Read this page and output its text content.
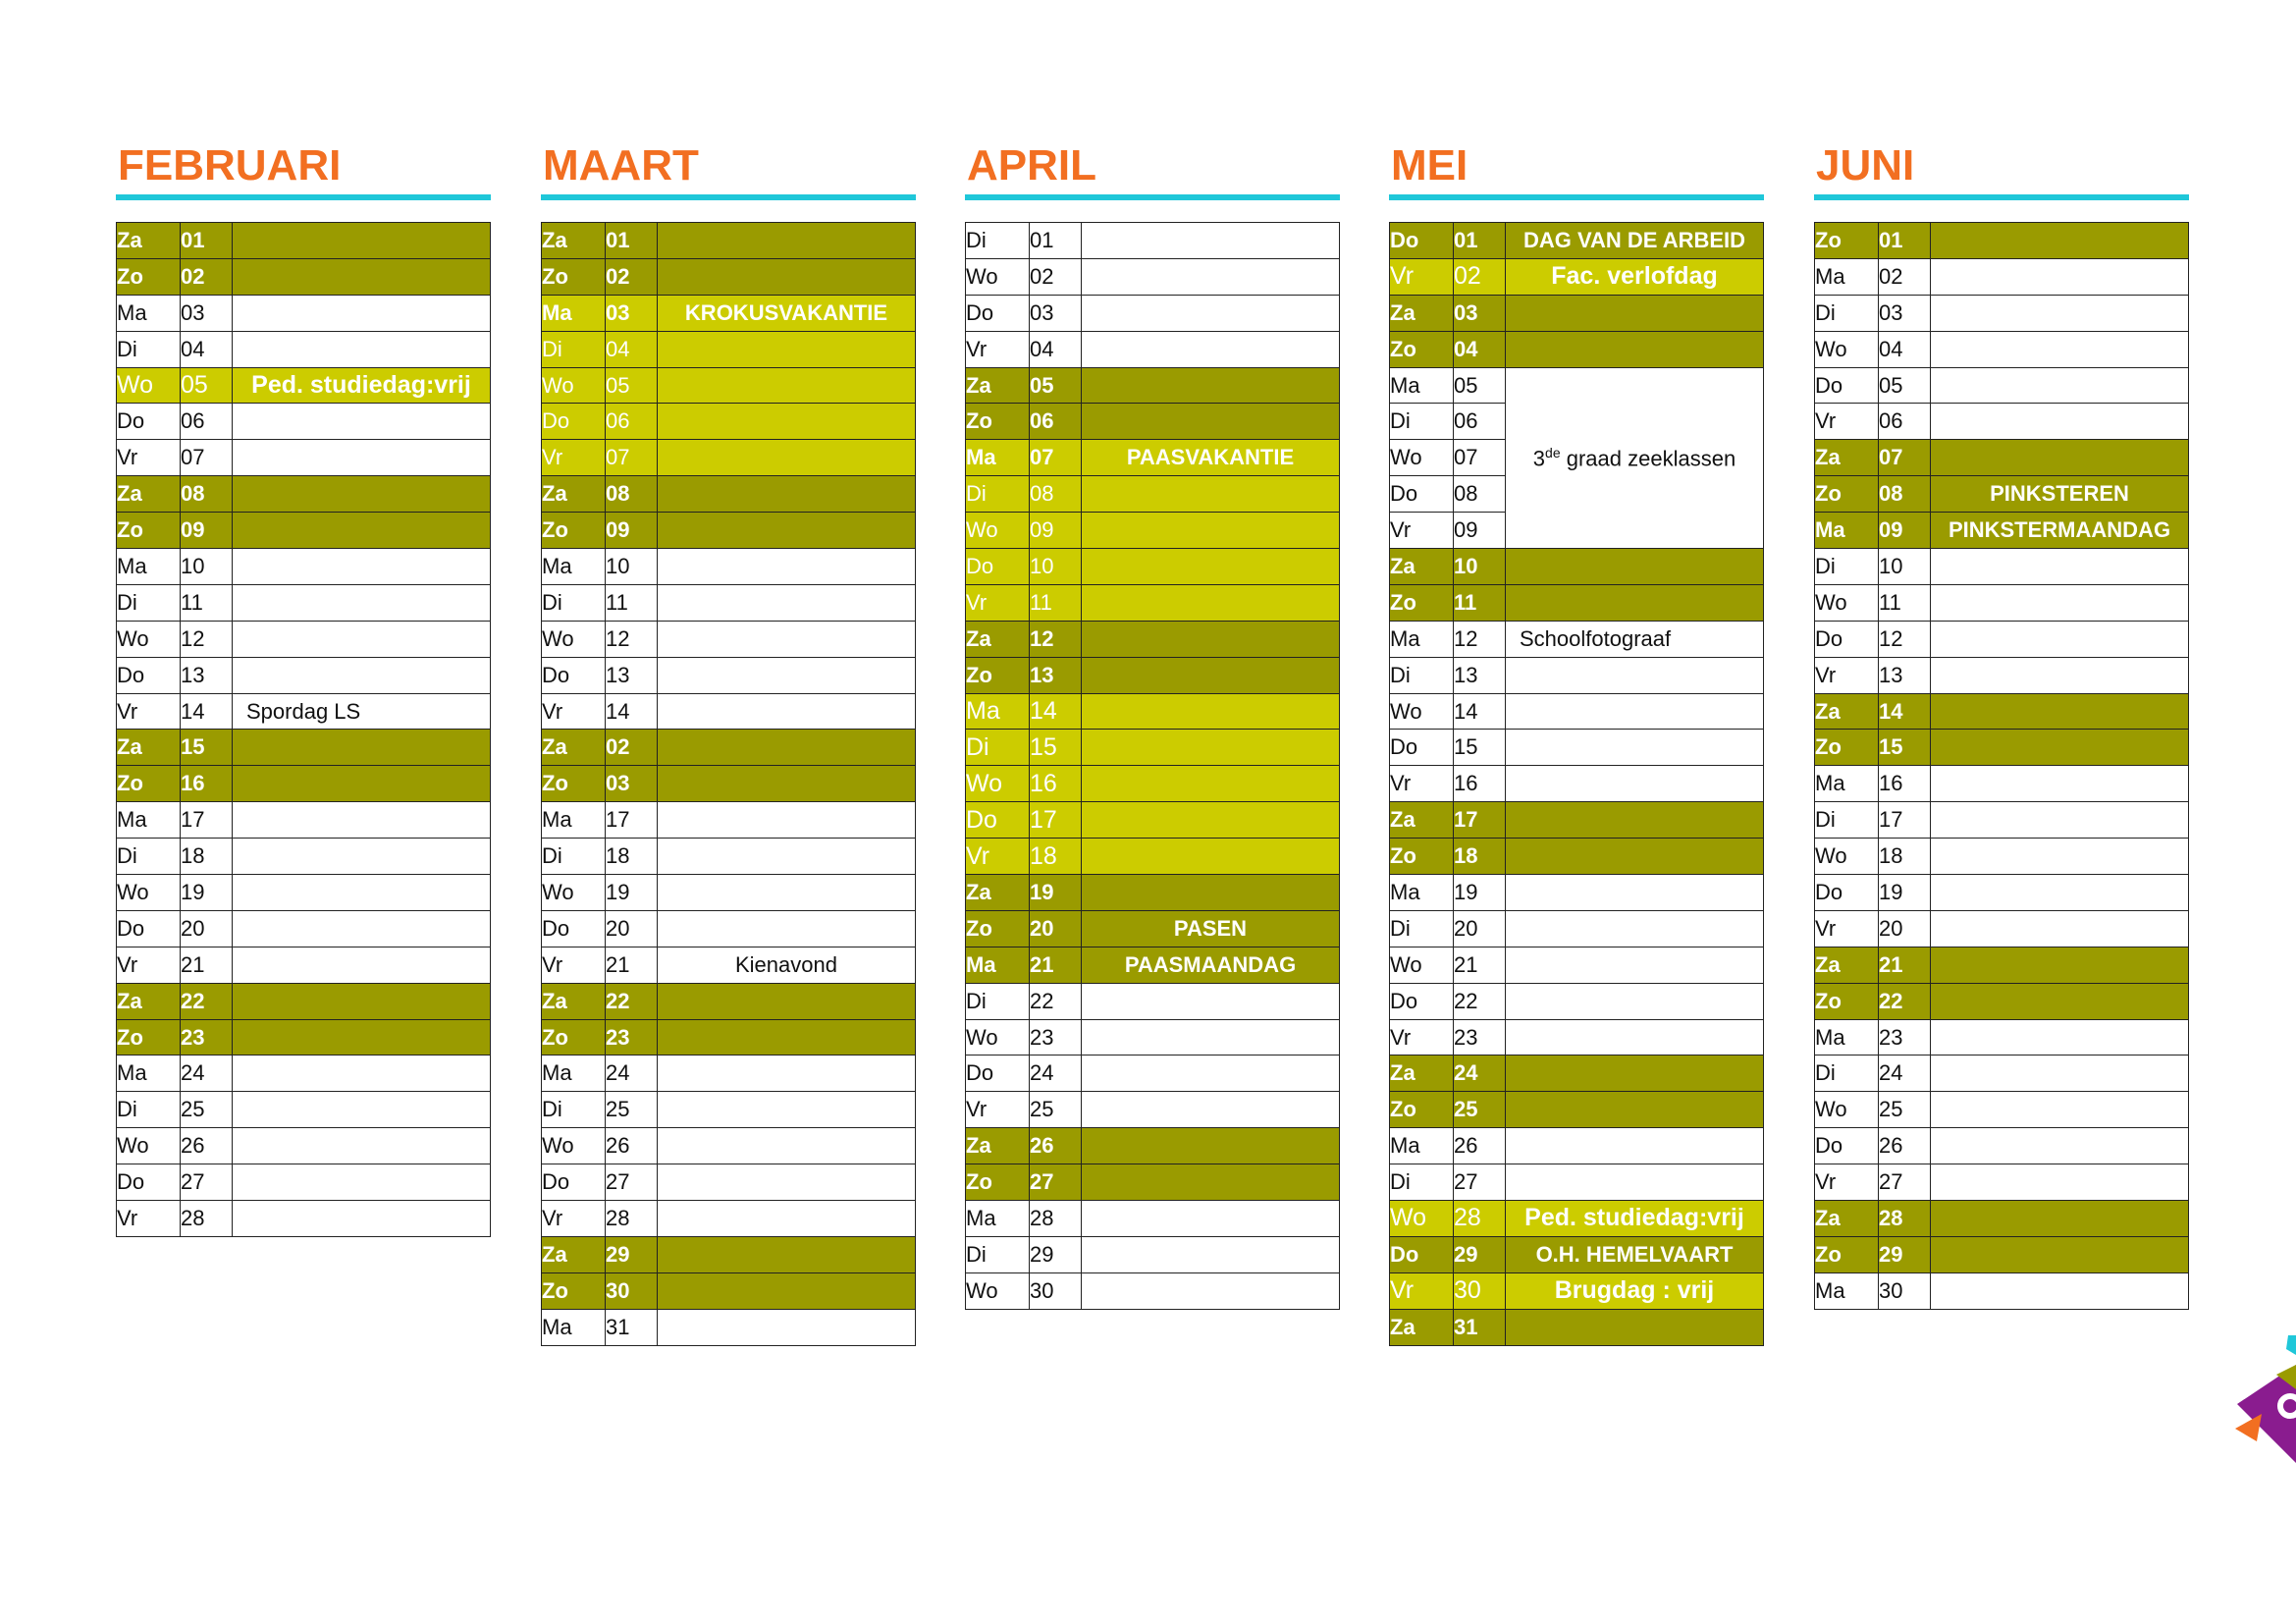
FEBRUARI
Za	01	
Zo	02	
Ma	03	
Di	04	
Wo	05	Ped. studiedag:vrij
Do	06	
Vr	07	
Za	08	
Zo	09	
Ma	10	
Di	11	
Wo	12	
Do	13	
Vr	14	Spordag LS
Za	15	
Zo	16	
Ma	17	
Di	18	
Wo	19	
Do	20	
Vr	21	
Za	22	
Zo	23	
Ma	24	
Di	25	
Wo	26	
Do	27	
Vr	28	
MAART
Za	01	
Zo	02	
Ma	03	KROKUSVAKANTIE
Di	04	
Wo	05	
Do	06	
Vr	07	
Za	08	
Zo	09	
Ma	10	
Di	11	
Wo	12	
Do	13	
Vr	14	
Za	02	
Zo	03	
Ma	17	
Di	18	
Wo	19	
Do	20	
Vr	21	Kienavond
Za	22	
Zo	23	
Ma	24	
Di	25	
Wo	26	
Do	27	
Vr	28	
Za	29	
Zo	30	
Ma	31	
APRIL
Di	01	
Wo	02	
Do	03	
Vr	04	
Za	05	
Zo	06	
Ma	07	PAASVAKANTIE
Di	08	
Wo	09	
Do	10	
Vr	11	
Za	12	
Zo	13	
Ma	14	
Di	15	
Wo	16	
Do	17	
Vr	18	
Za	19	
Zo	20	PASEN
Ma	21	PAASMAANDAG
Di	22	
Wo	23	
Do	24	
Vr	25	
Za	26	
Zo	27	
Ma	28	
Di	29	
Wo	30	
MEI
Do	01	DAG VAN DE ARBEID
Vr	02	Fac. verlofdag
Za	03	
Zo	04	
Ma	05	3de graad zeeklassen
Di	06	
Wo	07	
Do	08	
Vr	09	
Za	10	
Zo	11	
Ma	12	Schoolfotograaf
Di	13	
Wo	14	
Do	15	
Vr	16	
Za	17	
Zo	18	
Ma	19	
Di	20	
Wo	21	
Do	22	
Vr	23	
Za	24	
Zo	25	
Ma	26	
Di	27	
Wo	28	Ped. studiedag:vrij
Do	29	O.H. HEMELVAART
Vr	30	Brugdag : vrij
Za	31	
JUNI
Zo	01	
Ma	02	
Di	03	
Wo	04	
Do	05	
Vr	06	
Za	07	
Zo	08	PINKSTEREN
Ma	09	PINKSTERMAANDAG
Di	10	
Wo	11	
Do	12	
Vr	13	
Za	14	
Zo	15	
Ma	16	
Di	17	
Wo	18	
Do	19	
Vr	20	
Za	21	
Zo	22	
Ma	23	
Di	24	
Wo	25	
Do	26	
Vr	27	
Za	28	
Zo	29	
Ma	30	
